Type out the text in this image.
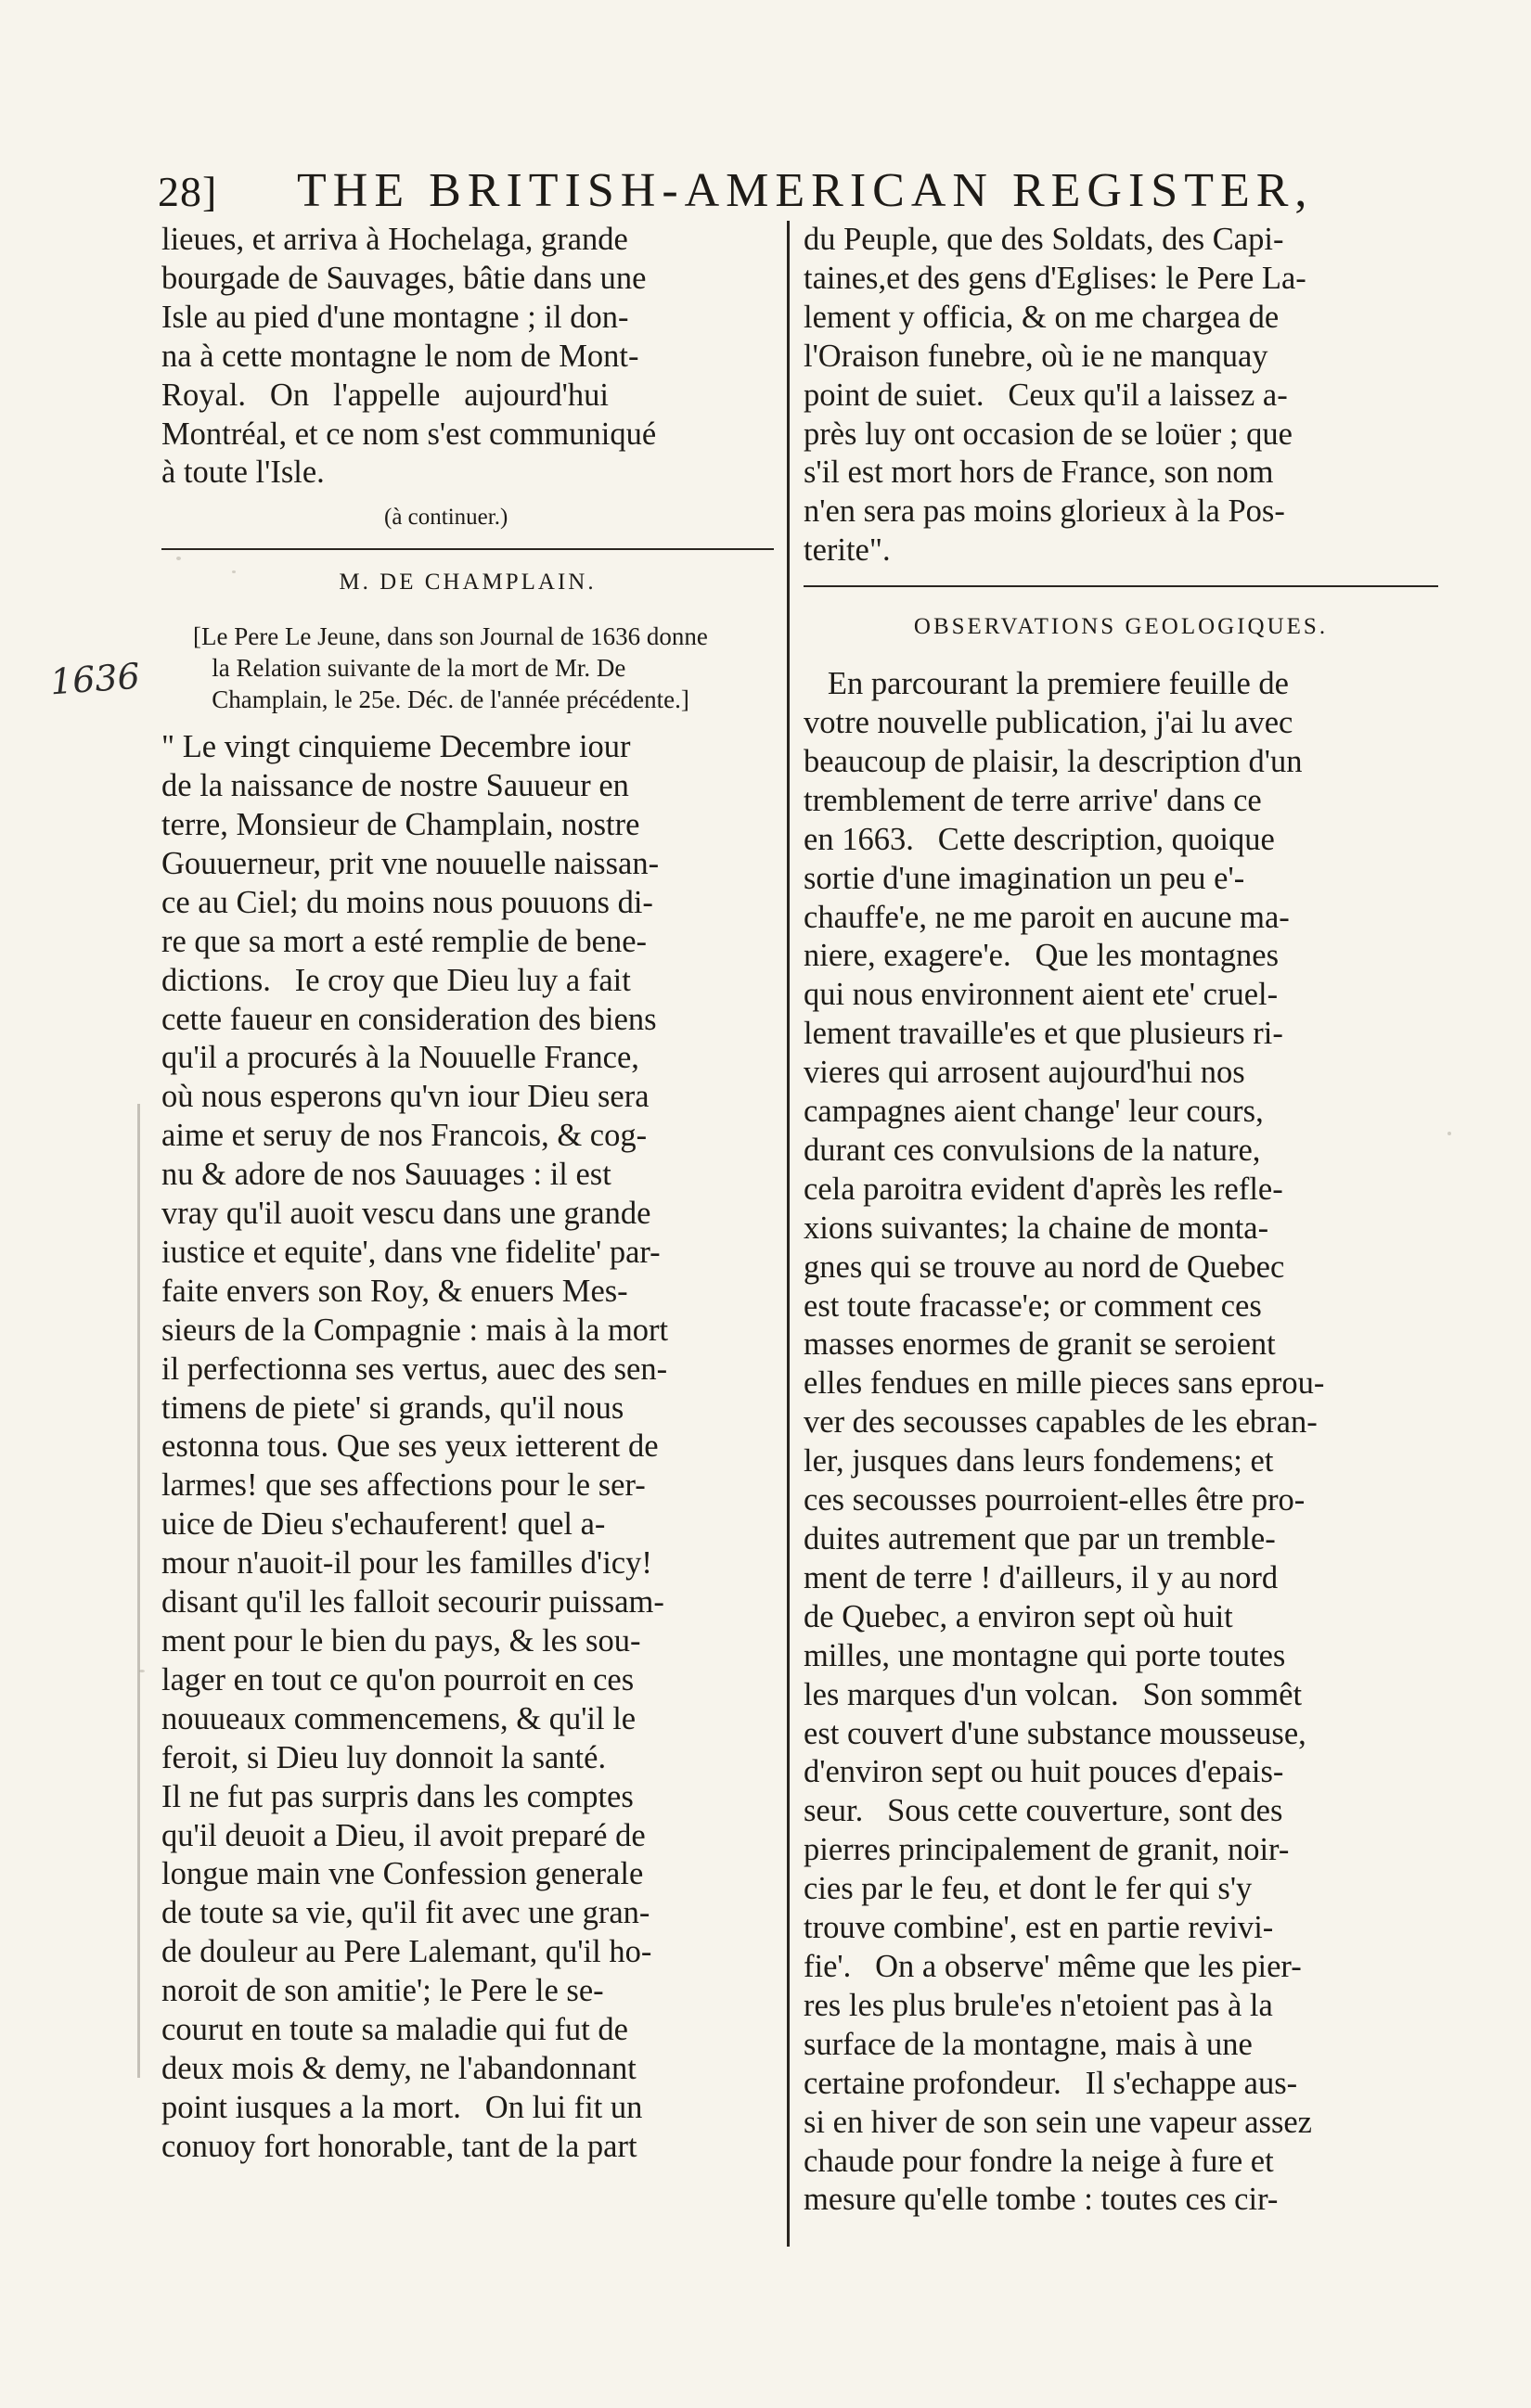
28] THE BRITISH-AMERICAN REGISTER,
1636

lieues, et arriva à Hochelaga, grande

bourgade de Sauvages, bâtie dans une

Isle au pied d'une montagne ; il don-

na à cette montagne le nom de Mont-

Royal.   On   l'appelle   aujourd'hui

Montréal, et ce nom s'est communiqué

à toute l'Isle.

(à continuer.)
M. DE CHAMPLAIN.

[Le Pere Le Jeune, dans son Journal de 1636 donne

la Relation suivante de la mort de Mr. De

Champlain, le 25e. Déc. de l'année précédente.]

" Le vingt cinquieme Decembre iour

de la naissance de nostre Sauueur en

terre, Monsieur de Champlain, nostre

Gouuerneur, prit vne nouuelle naissan-

ce au Ciel; du moins nous pouuons di-

re que sa mort a esté remplie de bene-

dictions.   Ie croy que Dieu luy a fait

cette faueur en consideration des biens

qu'il a procurés à la Nouuelle France,

où nous esperons qu'vn iour Dieu sera

aime et seruy de nos Francois, & cog-

nu & adore de nos Sauuages : il est

vray qu'il auoit vescu dans une grande

iustice et equite', dans vne fidelite' par-

faite envers son Roy, & enuers Mes-

sieurs de la Compagnie : mais à la mort

il perfectionna ses vertus, auec des sen-

timens de piete' si grands, qu'il nous

estonna tous. Que ses yeux ietterent de

larmes! que ses affections pour le ser-

uice de Dieu s'echauferent! quel a-

mour n'auoit-il pour les familles d'icy!

disant qu'il les falloit secourir puissam-

ment pour le bien du pays, & les sou-

lager en tout ce qu'on pourroit en ces

nouueaux commencemens, & qu'il le

feroit, si Dieu luy donnoit la santé.

Il ne fut pas surpris dans les comptes

qu'il deuoit a Dieu, il avoit preparé de

longue main vne Confession generale

de toute sa vie, qu'il fit avec une gran-

de douleur au Pere Lalemant, qu'il ho-

noroit de son amitie'; le Pere le se-

courut en toute sa maladie qui fut de

deux mois & demy, ne l'abandonnant

point iusques a la mort.   On lui fit un

conuoy fort honorable, tant de la part

du Peuple, que des Soldats, des Capi-

taines,et des gens d'Eglises: le Pere La-

lement y officia, & on me chargea de

l'Oraison funebre, où ie ne manquay

point de suiet.   Ceux qu'il a laissez a-

près luy ont occasion de se loüer ; que

s'il est mort hors de France, son nom

n'en sera pas moins glorieux à la Pos-

terite".

OBSERVATIONS GEOLOGIQUES.

En parcourant la premiere feuille de

votre nouvelle publication, j'ai lu avec

beaucoup de plaisir, la description d'un

tremblement de terre arrive' dans ce

en 1663.   Cette description, quoique

sortie d'une imagination un peu e'-

chauffe'e, ne me paroit en aucune ma-

niere, exagere'e.   Que les montagnes

qui nous environnent aient ete' cruel-

lement travaille'es et que plusieurs ri-

vieres qui arrosent aujourd'hui nos

campagnes aient change' leur cours,

durant ces convulsions de la nature,

cela paroitra evident d'après les refle-

xions suivantes; la chaine de monta-

gnes qui se trouve au nord de Quebec

est toute fracasse'e; or comment ces

masses enormes de granit se seroient

elles fendues en mille pieces sans eprou-

ver des secousses capables de les ebran-

ler, jusques dans leurs fondemens; et

ces secousses pourroient-elles être pro-

duites autrement que par un tremble-

ment de terre ! d'ailleurs, il y au nord

de Quebec, a environ sept où huit

milles, une montagne qui porte toutes

les marques d'un volcan.   Son sommêt

est couvert d'une substance mousseuse,

d'environ sept ou huit pouces d'epais-

seur.   Sous cette couverture, sont des

pierres principalement de granit, noir-

cies par le feu, et dont le fer qui s'y

trouve combine', est en partie revivi-

fie'.   On a observe' même que les pier-

res les plus brule'es n'etoient pas à la

surface de la montagne, mais à une

certaine profondeur.   Il s'echappe aus-

si en hiver de son sein une vapeur assez

chaude pour fondre la neige à fure et

mesure qu'elle tombe : toutes ces cir-
